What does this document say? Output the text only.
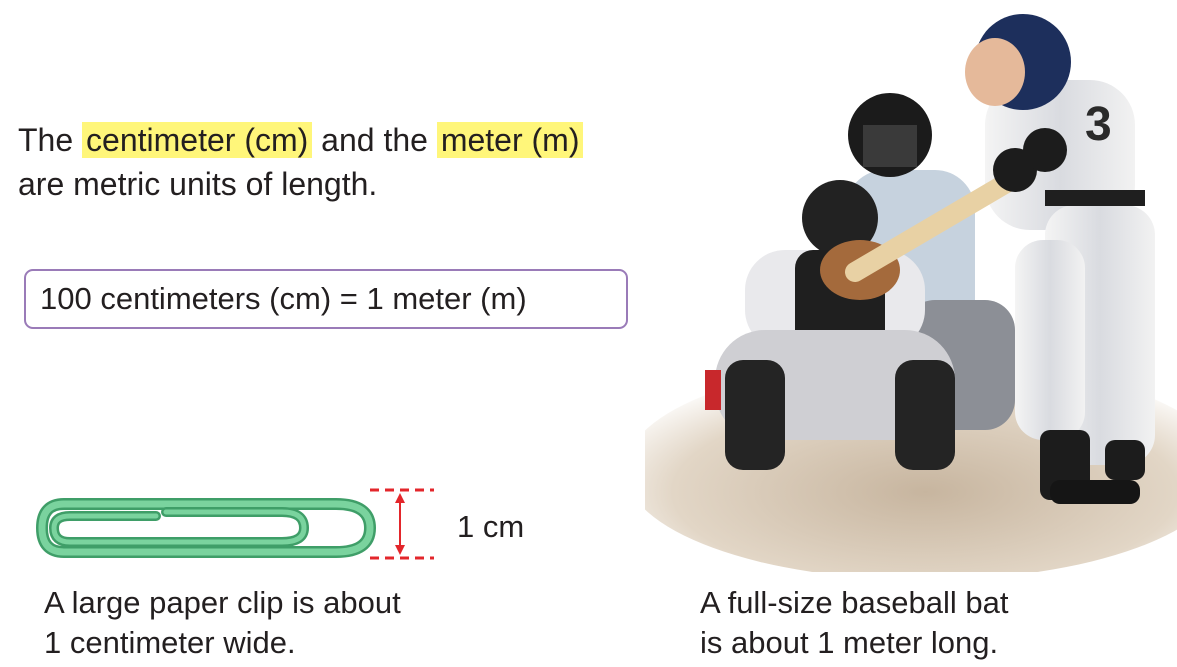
The centimeter (cm) and the meter (m)
are metric units of length.

100 centimeters (cm) = 1 meter (m)
1 cm

A large paper clip is about
1 centimeter wide.

3

A full-size baseball bat
is about 1 meter long.
